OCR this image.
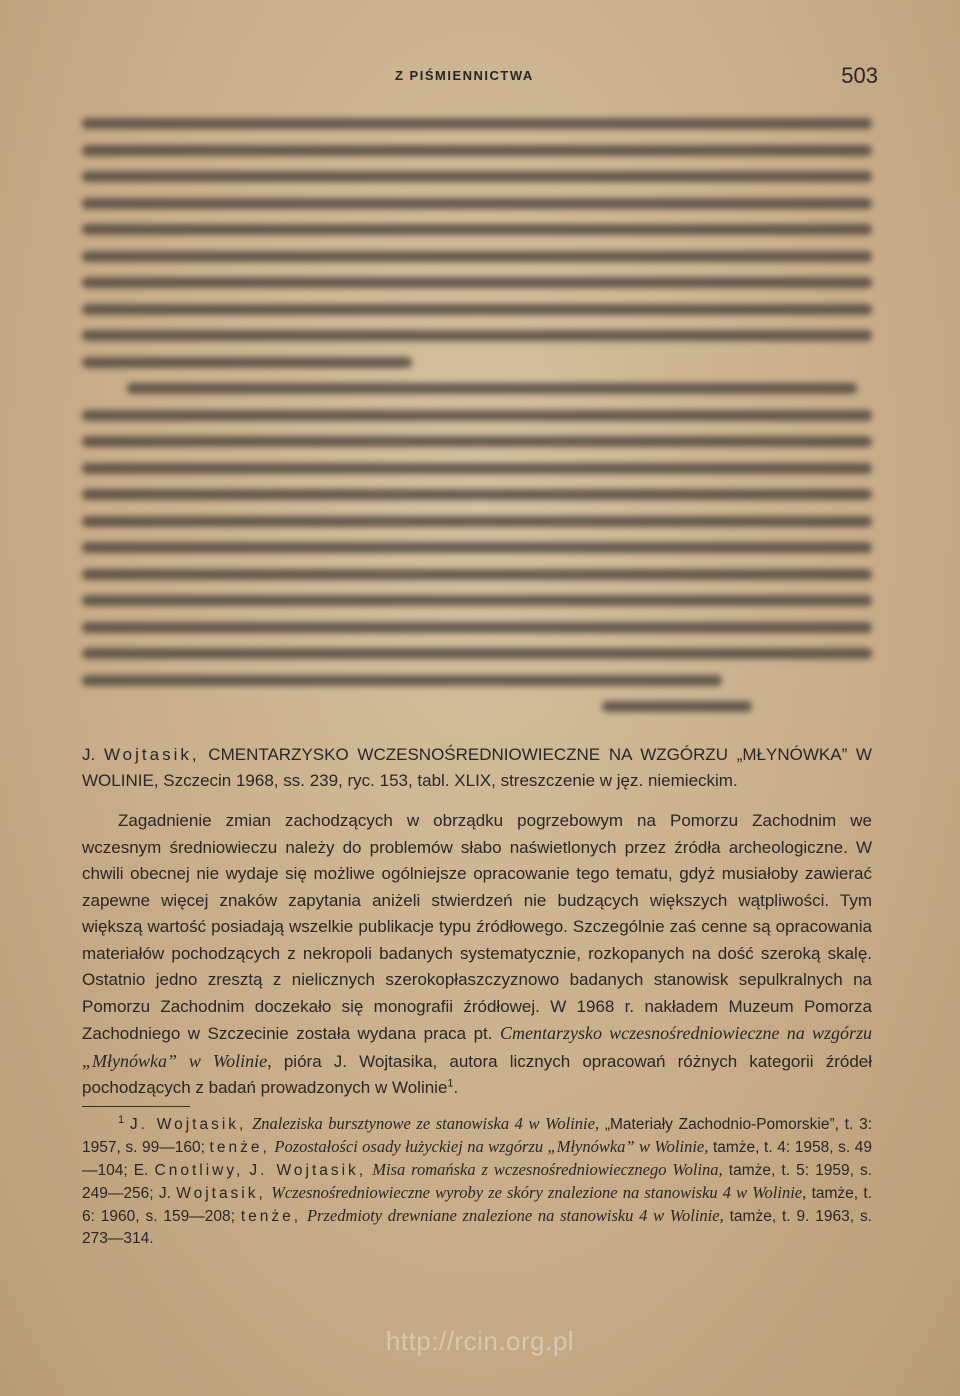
Z PIŚMIENNICTWA	503

J. Wojtasik, CMENTARZYSKO WCZESNOŚREDNIOWIECZNE NA WZGÓRZU „MŁYNÓWKA” W WOLINIE, Szczecin 1968, ss. 239, ryc. 153, tabl. XLIX, streszczenie w jęz. niemieckim.

Zagadnienie zmian zachodzących w obrządku pogrzebowym na Pomorzu Zachodnim we wczesnym średniowieczu należy do problemów słabo naświetlonych przez źródła archeologiczne. W chwili obecnej nie wydaje się możliwe ogólniejsze opracowanie tego tematu, gdyż musiałoby zawierać zapewne więcej znaków zapytania aniżeli stwierdzeń nie budzących większych wątpliwości. Tym większą wartość posiadają wszelkie publikacje typu źródłowego. Szczególnie zaś cenne są opracowania materiałów pochodzących z nekropoli badanych systematycznie, rozkopanych na dość szeroką skalę. Ostatnio jedno zresztą z nielicznych szerokopłaszczyznowo badanych stanowisk sepulkralnych na Pomorzu Zachodnim doczekało się monografii źródłowej. W 1968 r. nakładem Muzeum Pomorza Zachodniego w Szczecinie została wydana praca pt. Cmentarzysko wczesnośredniowieczne na wzgórzu „Młynówka” w Wolinie, pióra J. Wojtasika, autora licznych opracowań różnych kategorii źródeł pochodzących z badań prowadzonych w Wolinie$^1$.

$^1$ J. Wojtasik, Znaleziska bursztynowe ze stanowiska 4 w Wolinie, „Materiały Zachodnio-Pomorskie”, t. 3: 1957, s. 99—160; tenże, Pozostałości osady łużyckiej na wzgórzu „Młynówka” w Wolinie, tamże, t. 4: 1958, s. 49—104; E. Cnotliwy, J. Wojtasik, Misa romańska z wczesnośredniowiecznego Wolina, tamże, t. 5: 1959, s. 249—256; J. Wojtasik, Wczesnośredniowieczne wyroby ze skóry znalezione na stanowisku 4 w Wolinie, tamże, t. 6: 1960, s. 159—208; tenże, Przedmioty drewniane znalezione na stanowisku 4 w Wolinie, tamże, t. 9. 1963, s. 273—314.

http://rcin.org.pl
